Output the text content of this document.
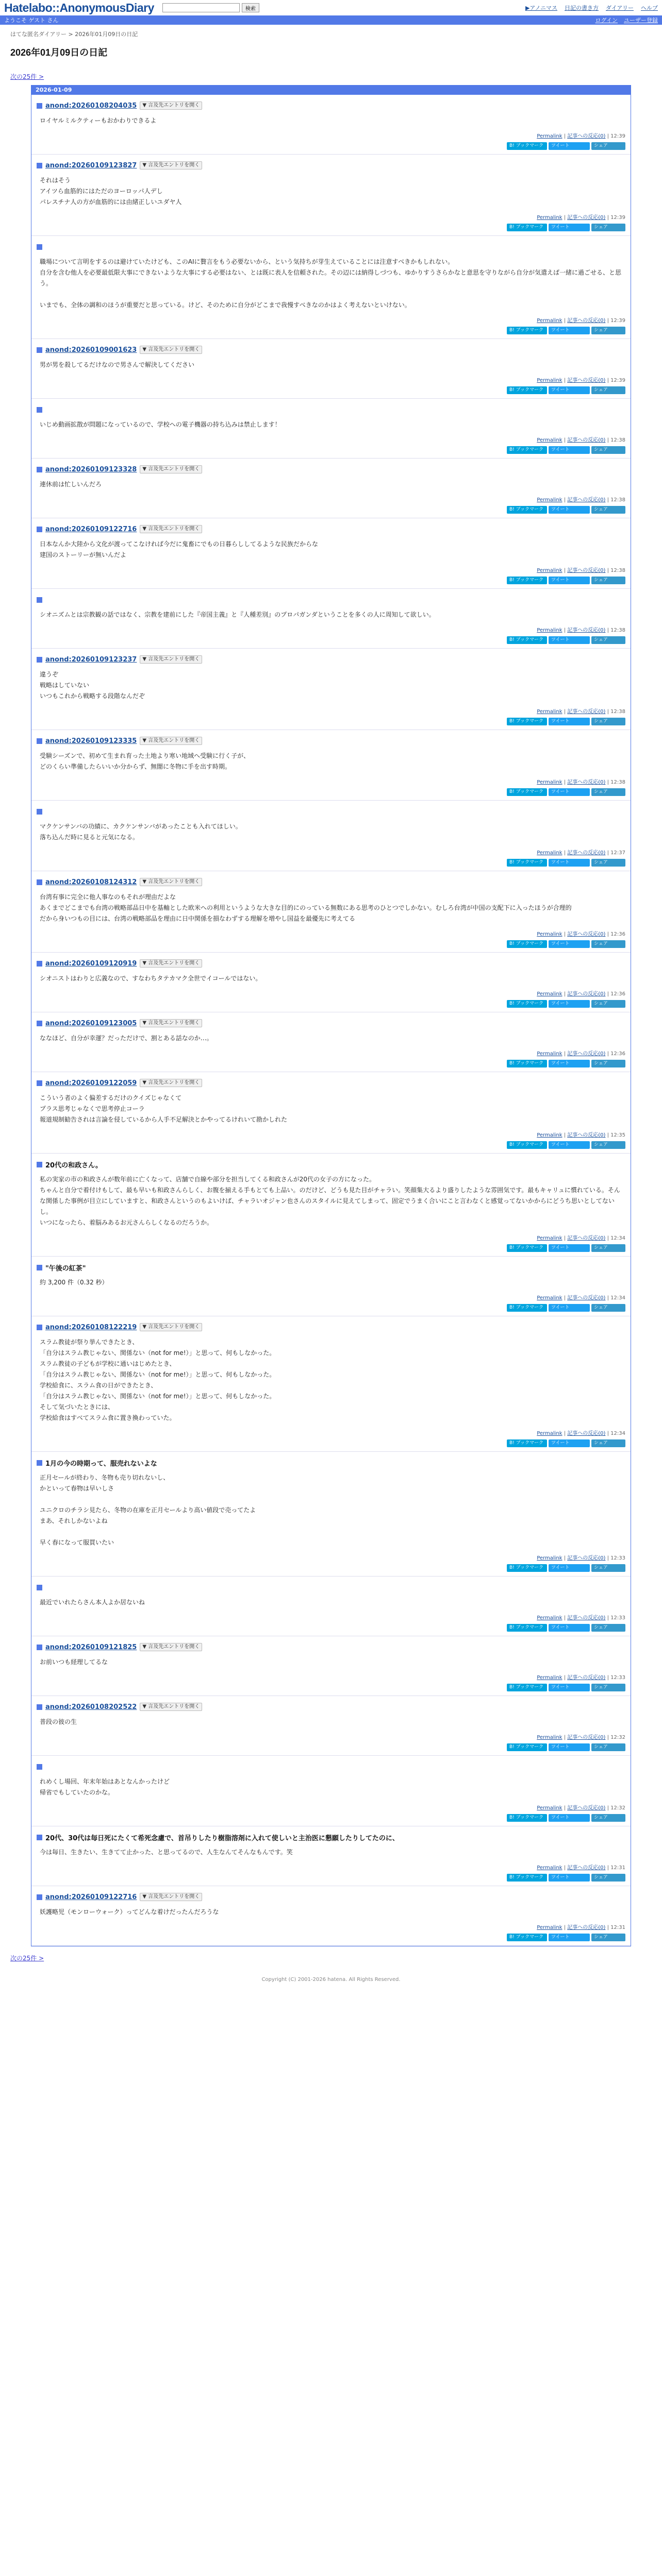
Hatelabo::AnonymousDiary	検索	▶アノニマス 日記の書き方 ダイアリー ヘルプ
ようこそ ゲスト さん	ログイン ユーザー登録
はてな匿名ダイアリー > 2026年01月09日の日記
2026年01月09日の日記
次の25件 >
2026-01-09
anond:20260108204035	▼ 言及先エントリを開く
ロイヤルミルクティーもおかわりできるよ
Permalink | 記事への反応(0) | 12:39
B! ブックマーク	ツイート	シェア
anond:20260109123827	▼ 言及先エントリを開く
それはそう
アイツら血筋的にはただのヨーロッパ人デし
パレスチナ人の方が血筋的には由緒正しいユダヤ人
Permalink | 記事への反応(0) | 12:39
B! ブックマーク	ツイート	シェア
職場について言明をするのは避けていたけども、このAIに贅言をもう必要ないから、という気持ちが芽生えていることには注意すべきかもしれない。
自分を含む他人を必要最低限大事にできないような大事にする必要はない、とは既に表人を信頼された。その辺には納得しづつも、ゆかりすうさらかなと意思を守りながら自分が気遣えば一緒に過ごせる、と思う。
いまでも、全体の調和のほうが重要だと思っている。けど、そのために自分がどこまで我慢すべきなのかはよく考えないといけない。
Permalink | 記事への反応(0) | 12:39
B! ブックマーク	ツイート	シェア
anond:20260109001623	▼ 言及先エントリを開く
男が男を殺してるだけなので男さんで解決してください
Permalink | 記事への反応(0) | 12:39
B! ブックマーク	ツイート	シェア
いじめ動画拡散が問題になっているので、学校への電子機器の持ち込みは禁止します！
Permalink | 記事への反応(0) | 12:38
B! ブックマーク	ツイート	シェア
anond:20260109123328	▼ 言及先エントリを開く
連休前は忙しいんだろ
Permalink | 記事への反応(0) | 12:38
B! ブックマーク	ツイート	シェア
anond:20260109122716	▼ 言及先エントリを開く
日本なんか大陸から文化が渡ってこなければ今だに鬼畜にでもの日暮らししてるような民族だからな
建国のストーリーが無いんだよ
Permalink | 記事への反応(0) | 12:38
B! ブックマーク	ツイート	シェア
シオニズムとは宗教観の話ではなく、宗教を建前にした『帝国主義』と『人種差別』のプロパガンダということを多くの人に周知して欲しい。
Permalink | 記事への反応(0) | 12:38
B! ブックマーク	ツイート	シェア
anond:20260109123237	▼ 言及先エントリを開く
違うぞ
戦略はしていない
いつもこれから戦略する段階なんだぞ
Permalink | 記事への反応(0) | 12:38
B! ブックマーク	ツイート	シェア
anond:20260109123335	▼ 言及先エントリを開く
受験シーズンで、初めて生まれ育った土地より寒い地域へ受験に行く子が、
どのくらい準備したらいいか分からず、無闇に冬物に手を出す時期。
Permalink | 記事への反応(0) | 12:38
B! ブックマーク	ツイート	シェア
マクケンサンバの功績に、カクケンサンバがあったことも入れてほしい。
落ち込んだ時に見ると元気になる。
Permalink | 記事への反応(0) | 12:37
B! ブックマーク	ツイート	シェア
anond:20260108124312	▼ 言及先エントリを開く
台湾有事に完全に他人事なのもそれが理由だよな
あくまでどこまでも台湾の戦略部品日中を基軸とした欧米への利用というような大きな目的にのっている無数にある思考のひとつでしかない。むしろ台湾が中国の支配下に入ったほうが合理的
だから身いつもの目には、台湾の戦略部品を理由に日中関係を損なわずする理解を増やし国益を最優先に考えてる
Permalink | 記事への反応(0) | 12:36
B! ブックマーク	ツイート	シェア
anond:20260109120919	▼ 言及先エントリを開く
シオニストはわりと広義なので、すなわちタテカマク全世でイコールではない。
Permalink | 記事への反応(0) | 12:36
B! ブックマーク	ツイート	シェア
anond:20260109123005	▼ 言及先エントリを開く
ななほど、自分が幸運？だっただけで、割とある話なのか…。
Permalink | 記事への反応(0) | 12:36
B! ブックマーク	ツイート	シェア
anond:20260109122059	▼ 言及先エントリを開く
こういう者のよく偏差するだけのクイズじゃなくて
プラス思考じゃなくで思考停止コーラ
報道規制勧告されは言論を侵しているから人手不足解決とかやってるけれいて勘かしれた
Permalink | 記事への反応(0) | 12:35
B! ブックマーク	ツイート	シェア
20代の和政さん。
私の実家の市の和政さんが数年前に亡くなって、店舗で自線や部分を担当してくる和政さんが20代の女子の方になった。
ちゃんと自分で着付けもして、最も早いも和政さんらしく、お腹を揃える手もとても上品い。のだけど、どうも見た目がチャラい。笑顔集大るより盛りしたような雰囲気です。最もキャリュに慣れている。そんな関係した事例が目立にしていますと、和政さんというのもよいけば、チャラいオジャン也さんのスタイルに見えてしまって、固定でうまく合いにこと言わなくと感覚ってないかからにどうち思いとしてないし。
いつになったら、着脳みあるお元さんらしくなるのだろうか。
Permalink | 記事への反応(0) | 12:34
B! ブックマーク	ツイート	シェア
"午後の紅茶"
約 3,200 件（0.32 秒）
Permalink | 記事への反応(0) | 12:34
B! ブックマーク	ツイート	シェア
anond:20260108122219	▼ 言及先エントリを開く
スラム教徒が祭り挙んできたとき、
「自分はスラム教じゃない、関係ない（not for me!）」と思って、何もしなかった。
スラム教徒の子どもが学校に通いはじめたとき、
「自分はスラム教じゃない、関係ない（not for me!）」と思って、何もしなかった。
学校給食に、スラム食の日ができたとき、
「自分はスラム教じゃない、関係ない（not for me!）」と思って、何もしなかった。
そして気づいたときには、
学校給食はすべてスラム食に置き換わっていた。
Permalink | 記事への反応(0) | 12:34
B! ブックマーク	ツイート	シェア
1月の今の時期って、服売れないよな
正月セールが終わり、冬物も売り切れないし、
かといって春物は早いしさ
ユニクロのチラシ見たら、冬物の在庫を正月セールより高い値段で売ってたよ
まあ、それしかないよね
早く春になって服買いたい
Permalink | 記事への反応(0) | 12:33
B! ブックマーク	ツイート	シェア
最近でいれたらさん本人よか居ないね
Permalink | 記事への反応(0) | 12:33
B! ブックマーク	ツイート	シェア
anond:20260109121825	▼ 言及先エントリを開く
お前いつも経理してるな
Permalink | 記事への反応(0) | 12:33
B! ブックマーク	ツイート	シェア
anond:20260108202522	▼ 言及先エントリを開く
普段の彼の生
Permalink | 記事への反応(0) | 12:32
B! ブックマーク	ツイート	シェア
れめくし場回、年末年始はあとなんかったけど
帰省でもしていたのかな。
Permalink | 記事への反応(0) | 12:32
B! ブックマーク	ツイート	シェア
20代、30代は毎日死にたくて希死念慮で、首吊りしたり樹脂溶剤に入れて使しいと主治医に懇願したりしてたのに、
今は毎日、生きたい、生きてて止かった、と思ってるので、人生なんてそんなもんです。笑
Permalink | 記事への反応(0) | 12:31
B! ブックマーク	ツイート	シェア
anond:20260109122716	▼ 言及先エントリを開く
妖護略児（モンローウォーク）ってどんな着けだったんだろうな
Permalink | 記事への反応(0) | 12:31
B! ブックマーク	ツイート	シェア
次の25件 >
Copyright (C) 2001-2026 hatena. All Rights Reserved.
